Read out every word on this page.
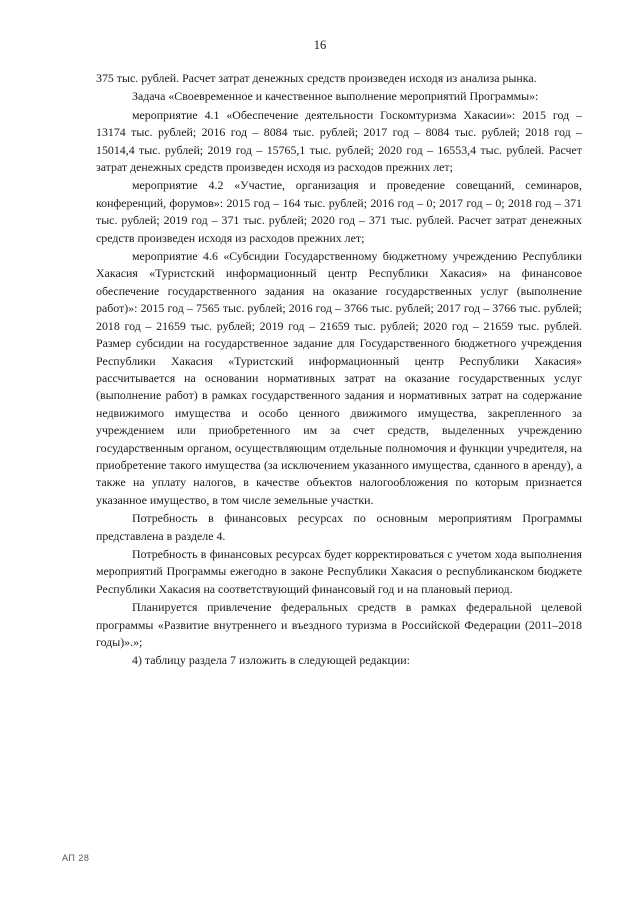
16

375 тыс. рублей. Расчет затрат денежных средств произведен исходя из анализа рынка.

Задача «Своевременное и качественное выполнение мероприятий Программы»:

мероприятие 4.1 «Обеспечение деятельности Госкомтуризма Хакасии»: 2015 год – 13174 тыс. рублей; 2016 год – 8084 тыс. рублей; 2017 год – 8084 тыс. рублей; 2018 год – 15014,4 тыс. рублей; 2019 год – 15765,1 тыс. рублей; 2020 год – 16553,4 тыс. рублей. Расчет затрат денежных средств произведен исходя из расходов прежних лет;

мероприятие 4.2 «Участие, организация и проведение совещаний, семинаров, конференций, форумов»: 2015 год – 164 тыс. рублей; 2016 год – 0; 2017 год – 0; 2018 год – 371 тыс. рублей; 2019 год – 371 тыс. рублей; 2020 год – 371 тыс. рублей. Расчет затрат денежных средств произведен исходя из расходов прежних лет;

мероприятие 4.6 «Субсидии Государственному бюджетному учреждению Республики Хакасия «Туристский информационный центр Республики Хакасия» на финансовое обеспечение государственного задания на оказание государственных услуг (выполнение работ)»: 2015 год – 7565 тыс. рублей; 2016 год – 3766 тыс. рублей; 2017 год – 3766 тыс. рублей; 2018 год – 21659 тыс. рублей; 2019 год – 21659 тыс. рублей; 2020 год – 21659 тыс. рублей. Размер субсидии на государственное задание для Государственного бюджетного учреждения Республики Хакасия «Туристский информационный центр Республики Хакасия» рассчитывается на основании нормативных затрат на оказание государственных услуг (выполнение работ) в рамках государственного задания и нормативных затрат на содержание недвижимого имущества и особо ценного движимого имущества, закрепленного за учреждением или приобретенного им за счет средств, выделенных учреждению государственным органом, осуществляющим отдельные полномочия и функции учредителя, на приобретение такого имущества (за исключением указанного имущества, сданного в аренду), а также на уплату налогов, в качестве объектов налогообложения по которым признается указанное имущество, в том числе земельные участки.

Потребность в финансовых ресурсах по основным мероприятиям Программы представлена в разделе 4.

Потребность в финансовых ресурсах будет корректироваться с учетом хода выполнения мероприятий Программы ежегодно в законе Республики Хакасия о республиканском бюджете Республики Хакасия на соответствующий финансовый год и на плановый период.

Планируется привлечение федеральных средств в рамках федеральной целевой программы «Развитие внутреннего и въездного туризма в Российской Федерации (2011–2018 годы)».»;

4) таблицу раздела 7 изложить в следующей редакции:

АП 28
